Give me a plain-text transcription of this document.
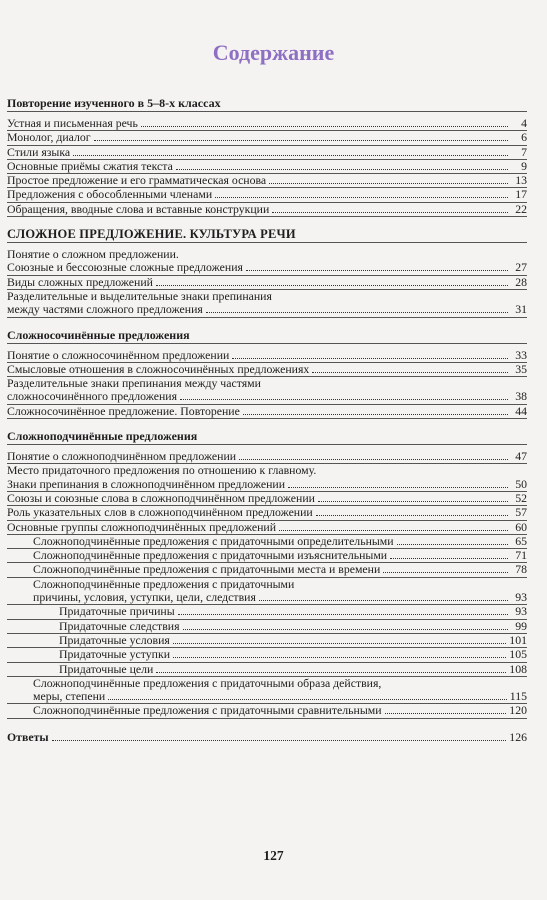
Содержание
Повторение изученного в 5–8-х классах
Устная и письменная речь	4
Монолог, диалог	6
Стили языка	7
Основные приёмы сжатия текста	9
Простое предложение и его грамматическая основа	13
Предложения с обособленными членами	17
Обращения, вводные слова и вставные конструкции	22
СЛОЖНОЕ ПРЕДЛОЖЕНИЕ. КУЛЬТУРА РЕЧИ
Понятие о сложном предложении.
Союзные и бессоюзные сложные предложения	27
Виды сложных предложений	28
Разделительные и выделительные знаки препинания
между частями сложного предложения	31
Сложносочинённые предложения
Понятие о сложносочинённом предложении	33
Смысловые отношения в сложносочинённых предложениях	35
Разделительные знаки препинания между частями
сложносочинённого предложения	38
Сложносочинённое предложение. Повторение	44
Сложноподчинённые предложения
Понятие о сложноподчинённом предложении	47
Место придаточного предложения по отношению к главному.
Знаки препинания в сложноподчинённом предложении	50
Союзы и союзные слова в сложноподчинённом предложении	52
Роль указательных слов в сложноподчинённом предложении	57
Основные группы сложноподчинённых предложений	60
Сложноподчинённые предложения с придаточными определительными	65
Сложноподчинённые предложения с придаточными изъяснительными	71
Сложноподчинённые предложения с придаточными места и времени	78
Сложноподчинённые предложения с придаточными
причины, условия, уступки, цели, следствия	93
Придаточные причины	93
Придаточные следствия	99
Придаточные условия	101
Придаточные уступки	105
Придаточные цели	108
Сложноподчинённые предложения с придаточными образа действия,
меры, степени	115
Сложноподчинённые предложения с придаточными сравнительными	120
Ответы	126
127
